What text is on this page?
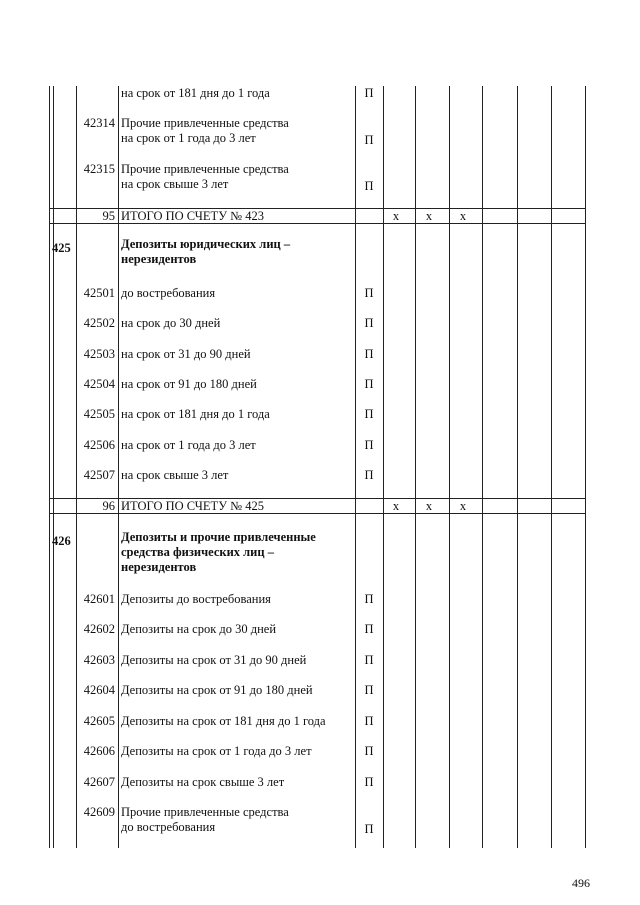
на срок от 181 дня до 1 года	П
42314 Прочие привлеченные средства
на срок от 1 года до 3 лет	П
42315 Прочие привлеченные средства
на срок свыше 3 лет	П
95 ИТОГО ПО СЧЕТУ № 423	х	х	х
425	Депозиты юридических лиц –
нерезидентов
42501 до востребования	П
42502 на срок до 30 дней	П
42503 на срок от 31 до 90 дней	П
42504 на срок от 91 до 180 дней	П
42505 на срок от 181 дня до 1 года	П
42506 на срок от 1 года до 3 лет	П
42507 на срок свыше 3 лет	П
96 ИТОГО ПО СЧЕТУ № 425	х	х	х
426	Депозиты и прочие привлеченные
средства физических лиц –
нерезидентов
42601 Депозиты до востребования	П
42602 Депозиты на срок до 30 дней	П
42603 Депозиты на срок от 31 до 90 дней	П
42604 Депозиты на срок от 91 до 180 дней	П
42605 Депозиты на срок от 181 дня до 1 года	П
42606 Депозиты на срок от 1 года до 3 лет	П
42607 Депозиты на срок свыше 3 лет	П
42609 Прочие привлеченные средства
до востребования	П
496
